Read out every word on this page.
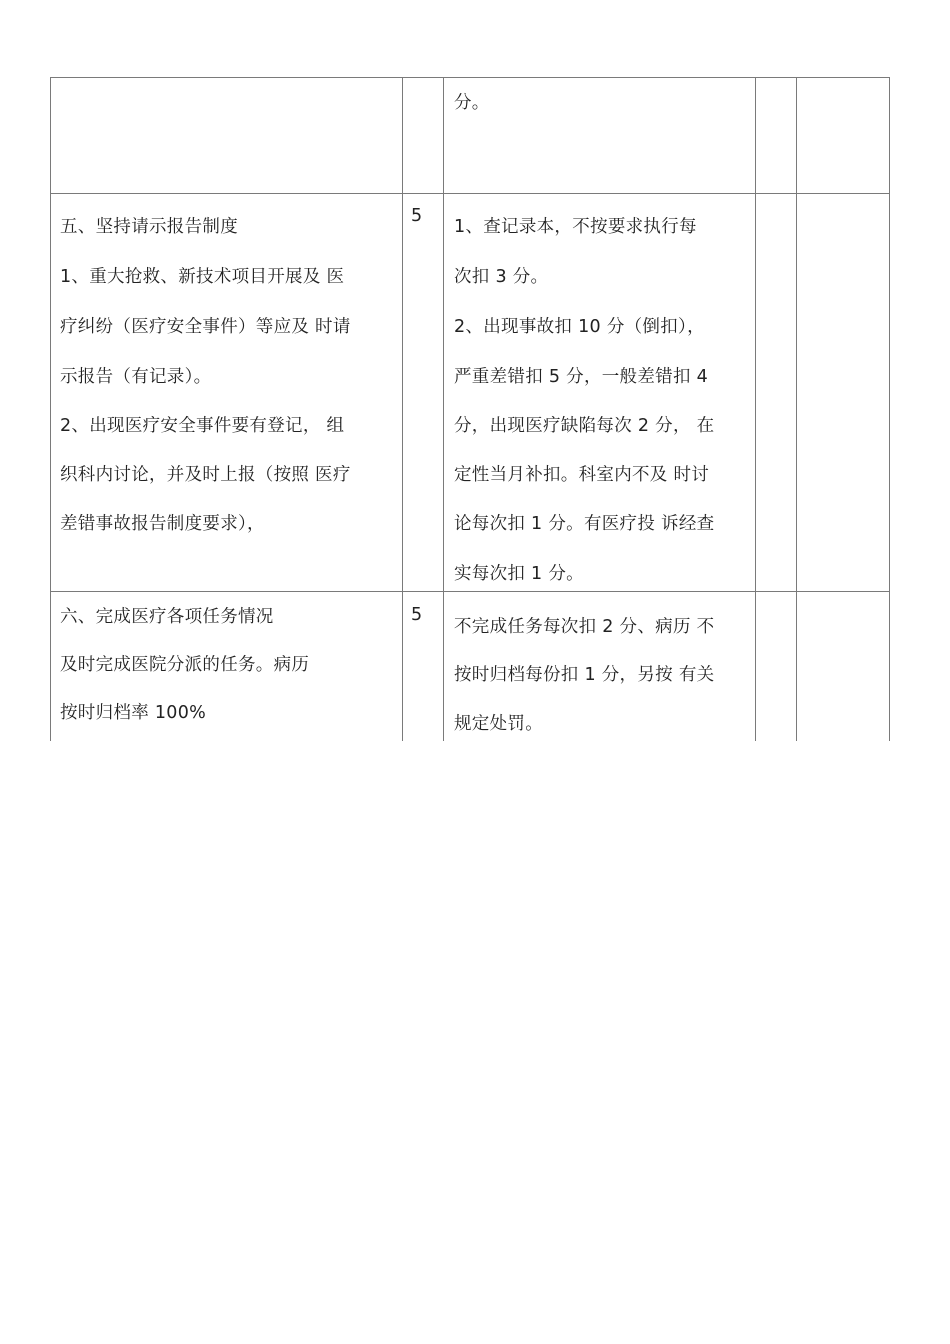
分。
五、坚持请示报告制度
1、重大抢救、新技术项目开展及 医
疗纠纷（医疗安全事件）等应及 时请
示报告（有记录）。
2、出现医疗安全事件要有登记， 组
织科内讨论，并及时上报（按照 医疗
差错事故报告制度要求），
5
1、查记录本，不按要求执行每
次扣 3 分。
2、出现事故扣 10 分（倒扣），
严重差错扣 5 分，一般差错扣 4
分，出现医疗缺陷每次 2 分， 在
定性当月补扣。科室内不及 时讨
论每次扣 1 分。有医疗投 诉经查
实每次扣 1 分。
六、完成医疗各项任务情况
及时完成医院分派的任务。病历
按时归档率 100%
5
不完成任务每次扣 2 分、病历 不
按时归档每份扣 1 分，另按 有关
规定处罚。
